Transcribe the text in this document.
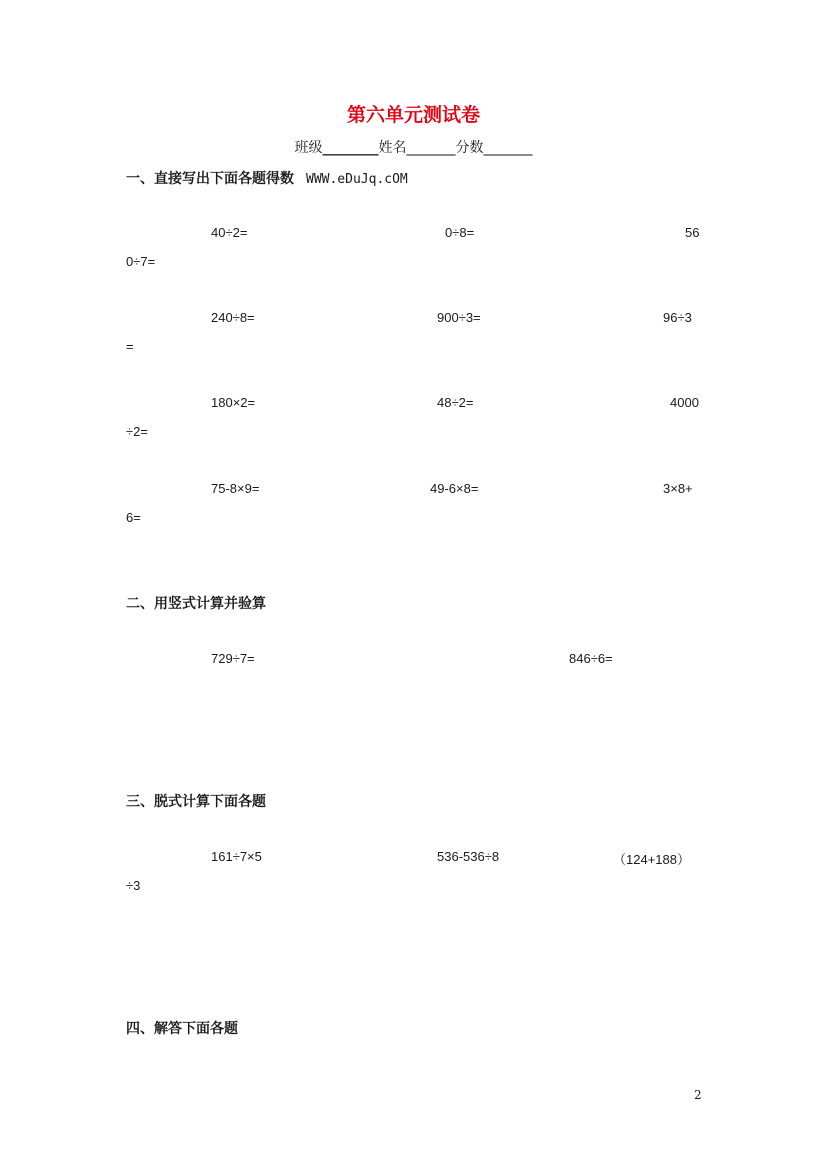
第六单元测试卷
班级________姓名_______分数_______
一、直接写出下面各题得数 WWW.eDuJq.cOM
40÷2=	0÷8=	56
0÷7=
240÷8=	900÷3=	96÷3
=
180×2=	48÷2=	4000
÷2=
75-8×9=	49-6×8=	3×8+
6=
二、用竖式计算并验算
729÷7=	846÷6=
三、脱式计算下面各题
161÷7×5	536-536÷8	（124+188）
÷3
四、解答下面各题
2
